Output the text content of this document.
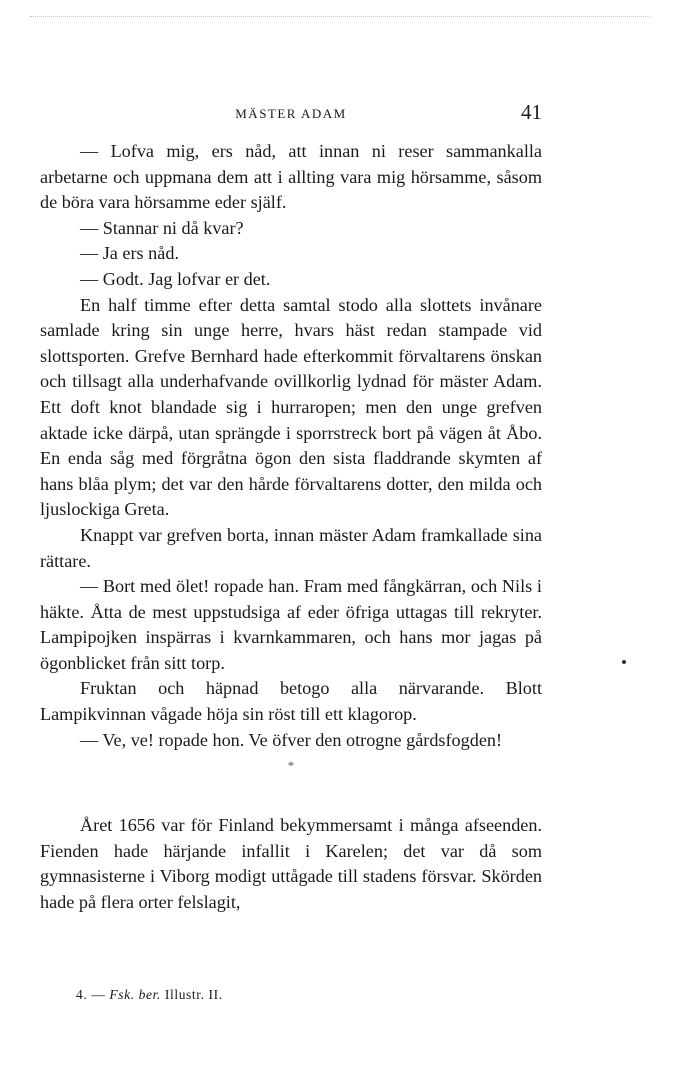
MÄSTER ADAM	41

— Lofva mig, ers nåd, att innan ni reser sammankalla arbetarne och uppmana dem att i allting vara mig hörsamme, såsom de böra vara hörsamme eder själf.

— Stannar ni då kvar?

— Ja ers nåd.

— Godt. Jag lofvar er det.

En half timme efter detta samtal stodo alla slottets invånare samlade kring sin unge herre, hvars häst redan stampade vid slottsporten. Grefve Bernhard hade efterkommit förvaltarens önskan och tillsagt alla underhafvande ovillkorlig lydnad för mäster Adam. Ett doft knot blandade sig i hurraropen; men den unge grefven aktade icke därpå, utan sprängde i sporrstreck bort på vägen åt Åbo. En enda såg med förgråtna ögon den sista fladdrande skymten af hans blåa plym; det var den hårde förvaltarens dotter, den milda och ljuslockiga Greta.

Knappt var grefven borta, innan mäster Adam framkallade sina rättare.

— Bort med ölet! ropade han. Fram med fångkärran, och Nils i häkte. Åtta de mest uppstudsiga af eder öfriga uttagas till rekryter. Lampipojken inspärras i kvarnkammaren, och hans mor jagas på ögonblicket från sitt torp.

Fruktan och häpnad betogo alla närvarande. Blott Lampikvinnan vågade höja sin röst till ett klagorop.

— Ve, ve! ropade hon. Ve öfver den otrogne gårdsfogden!

*

Året 1656 var för Finland bekymmersamt i många afseenden. Fienden hade härjande infallit i Karelen; det var då som gymnasisterne i Viborg modigt uttågade till stadens försvar. Skörden hade på flera orter felslagit,

4. — Fsk. ber. Illustr. II.
